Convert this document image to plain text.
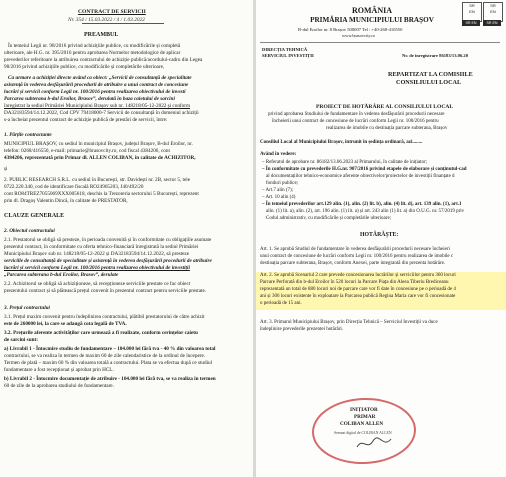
CONTRACT DE SERVICII
Nr. 354 / 15.03.2022 / 4 / 1.03.2022
PREAMBUL
În temeiul Legii nr. 98/2016 privind achizițiile publice, cu modificările și completă
ulterioare, ale H.G. nr. 395/2016 pentru aprobarea Normelor metodologice de aplicar
prevederilor referitoare la atribuirea contractului de achiziție publică/acordului-cadru din Legea
98/2016 privind achizițiile publice, cu modificările și completările ulterioare,
Ca urmare a achiziției directe având ca obiect: „Servicii de consultanță de specialitate
asistență în vederea desfășurării procedurii de atribuire a unui contract de concesiune
lucrări și servicii conform Legii nr. 100/2016 pentru realizarea obiectivului de investi
Parcarea subterana b-dul Eroilor, Brasov”, derulată în baza caietului de sarcini
înregistrat la sediul Primăriei Municipiului Brașov sub nr. 148218/05-12-2022 și conform
DA32183594/14.12.2022, Cod CPV 79418000-7 Servicii de consultanță în domeniul achiziții
s-a încheiat prezentul contract de achiziție publică de prestări de servicii, între:
1. Părțile contractante
MUNICIPIUL BRAȘOV, cu sediul în municipiul Brașov, județul Brașov, B-dul Eroilor, nr.
telefon: 0268/416550, e-mail: primarie@brasovcity.ro, cod fiscal 4384206, cont
4384206, reprezentată prin Primar dl. ALLEN COLIBAN, în calitate de ACHIZITOR,
și
2. PUBLIC RESEARCH S.R.L. cu sediul în București, str. Davidești nr. 2B, sector 5, tele
0722.220.340, cod de identificare fiscală RO24965203, J40/492/20
cont RO84TREZ7055069XXX005618, deschis la Trezoreria sectorului 5 București, reprezent
prin dl. Dragoș Valentin Dincă, în calitate de PRESTATOR,
CLAUZE GENERALE
2. Obiectul contractului
2.1. Prestatorul se obligă să presteze, în perioada convenită și în conformitate cu obligațiile asumate
prezentul contract, în conformitate cu oferta tehnico-financiară înregistrată la sediul Primăriei
Municipiului Brașov sub nr. 148218/05-12-2022 și DA32183594/14.12.2022, să presteze
serviciile de consultanță de specialitate și asistență în vederea desfășurării procedurii de atribuire
lucrări și servicii conform Legii nr. 100/2016 pentru realizarea obiectivului de investiții
„Parcarea subterana b-dul Eroilor, Brasov”, derulate
2.2. Achizitorul se obligă să achiziționeze, să recepționeze serviciile prestate ce fac obiect
prezentului contract și să plătească prețul convenit în prezentul contract pentru serviciile prestate.
3. Prețul contractului
3.1. Prețul maxim convenit pentru îndeplinirea contractului, plătibil prestatorului de către achizit
este de 260000 lei, la care se adaugă cota legală de TVA.
3.2. Prețurile aferente activităților care urmează a fi realizate, conform cerințelor caietu
de sarcini sunt:
a) Livrabil 1 - Întocmire studiu de fundamentare – 104.000 lei fără tva - 40 % din valoarea total
contractului, se va realiza în termen de maxim 60 de zile calendaristice de la ordinul de începere.
Termen de plată – maxim 60 % din valoarea totală a contractului. Plata se va efectua după ce studiul
fundamentare a fost recepționat și aprobat prin HCL.
b) Livrabil 2 - Întocmire documentație de atribuire - 104.000 lei fără tva, se va realiza în termen
60 de zile de la aprobarea studiului de fundamentare.
ROMÂNIA
PRIMĂRIA MUNICIPIULUI BRAȘOV
B-dul Eroilor nr. 8 Brașov 500007 Tel : +40-268-416550
www.brasovcity.ro
SR
EN
SR EN ISO 9001
SR
EN
SR EN ISO 14001
DIRECȚIA TEHNICĂ
SERVICIUL INVESTIȚII	Nr. de înregistrare 86183/13.06.20
REPARTIZAT LA COMISIILE
CONSILIULUI LOCAL
PROIECT DE HOTĂRÂRE AL CONSILIULUI LOCAL
privind aprobarea Studiului de fundamentare în vederea desfășurării procedurii necesare
încheierii unui contract de concesiune de lucrări conform Legii nr. 100/2016 pentru
realizarea de imobile cu destinația parcare subterana, Brașov
Consiliul Local al Municipiului Brașov, întrunit în ședința ordinară, azi........
Având în vedere:
– Referatul de aprobare nr. 86182/13.06.2023 al Primarului, în calitate de inițiator;
– În conformitate cu prevederile H.G.nr. 907/2016 privind etapele de elaborare și conținutul-cad
al documentațiilor tehnico-economice aferente obiectivelor/proiectelor de investiții finanțate d
fonduri publice;
– Art.7 alin (7);
– Art. 10 alin (4)
– În temeiul prevederilor art.129 alin. (1), alin. (2) lit. b), alin. (4) lit. d), art. 139 alin. (1), art.1
alin. (1) lit. a), alin. (2), art. 196 alin. (1) lit. a) și art. 243 alin (1) lit. a) din O.U.G. nr. 57/2019 priv
Codul administrativ, cu modificările și completările ulterioare;
HOTĂRĂȘTE:
Art. 1. Se aprobă Studiul de fundamentare în vederea desfășurării procedurii necesare încheieri
unui contract de concesiune de lucrări conform Legii nr. 100/2016 pentru realizarea de imobile c
destinația parcare subterana, Brașov, conform Anexei, parte integrantă din prezenta hotărâre.
Art. 2. Se aprobă Scenariul 2 care prevede concesionarea lucrărilor și serviciilor pentru 360 locuri
Parcare Perforată din b-dul Eroilor în 520 locuri la Parcare Piața din Aleea Tiberiu Brediceanu
reprezentată un total de 880 locuri noi de parcare care vor fi date în concesiune pe o perioadă de 4
ani și 306 locuri existente în exploatare la Parcarea publică Regina Maria care vor fi concesionate
o perioadă de 15 ani.
Art. 3. Primarul Municipiului Brașov, prin Direcția Tehnică – Serviciul Investiții va duce
îndeplinire prevederile prezentei hotărâri.
INIȚIATOR
PRIMAR
COLIBAN ALLEN
Semnat digital de COLIBAN ALLEN
